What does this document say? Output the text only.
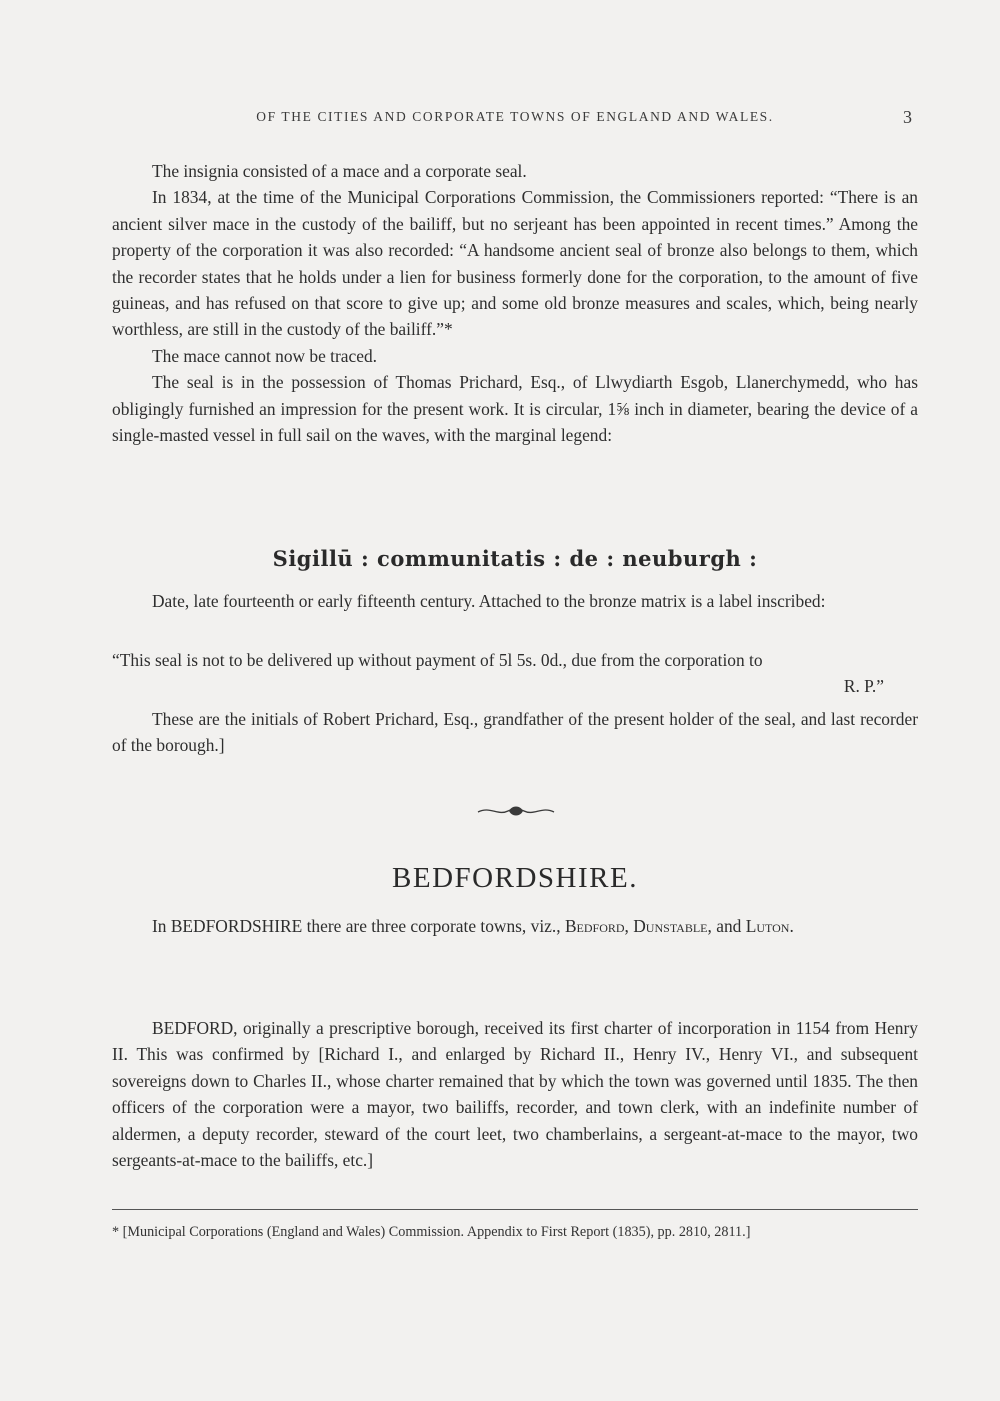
OF THE CITIES AND CORPORATE TOWNS OF ENGLAND AND WALES.	3

The insignia consisted of a mace and a corporate seal.

In 1834, at the time of the Municipal Corporations Commission, the Commissioners reported: “There is an ancient silver mace in the custody of the bailiff, but no serjeant has been appointed in recent times.” Among the property of the corporation it was also recorded: “A handsome ancient seal of bronze also belongs to them, which the recorder states that he holds under a lien for business formerly done for the corporation, to the amount of five guineas, and has refused on that score to give up; and some old bronze measures and scales, which, being nearly worthless, are still in the custody of the bailiff.”*

The mace cannot now be traced.

The seal is in the possession of Thomas Prichard, Esq., of Llwydiarth Esgob, Llanerchymedd, who has obligingly furnished an impression for the present work. It is circular, 1⅝ inch in diameter, bearing the device of a single-masted vessel in full sail on the waves, with the marginal legend:

Sigillū : communitatis : de : neuburgh :

Date, late fourteenth or early fifteenth century. Attached to the bronze matrix is a label inscribed:

“This seal is not to be delivered up without payment of 5l 5s. 0d., due from the corporation to
R. P.”

These are the initials of Robert Prichard, Esq., grandfather of the present holder of the seal, and last recorder of the borough.]

BEDFORDSHIRE.

In BEDFORDSHIRE there are three corporate towns, viz., Bedford, Dunstable, and Luton.

BEDFORD, originally a prescriptive borough, received its first charter of incorporation in 1154 from Henry II. This was confirmed by [Richard I., and enlarged by Richard II., Henry IV., Henry VI., and subsequent sovereigns down to Charles II., whose charter remained that by which the town was governed until 1835. The then officers of the corporation were a mayor, two bailiffs, recorder, and town clerk, with an indefinite number of aldermen, a deputy recorder, steward of the court leet, two chamberlains, a sergeant-at-mace to the mayor, two sergeants-at-mace to the bailiffs, etc.]

* [Municipal Corporations (England and Wales) Commission. Appendix to First Report (1835), pp. 2810, 2811.]
